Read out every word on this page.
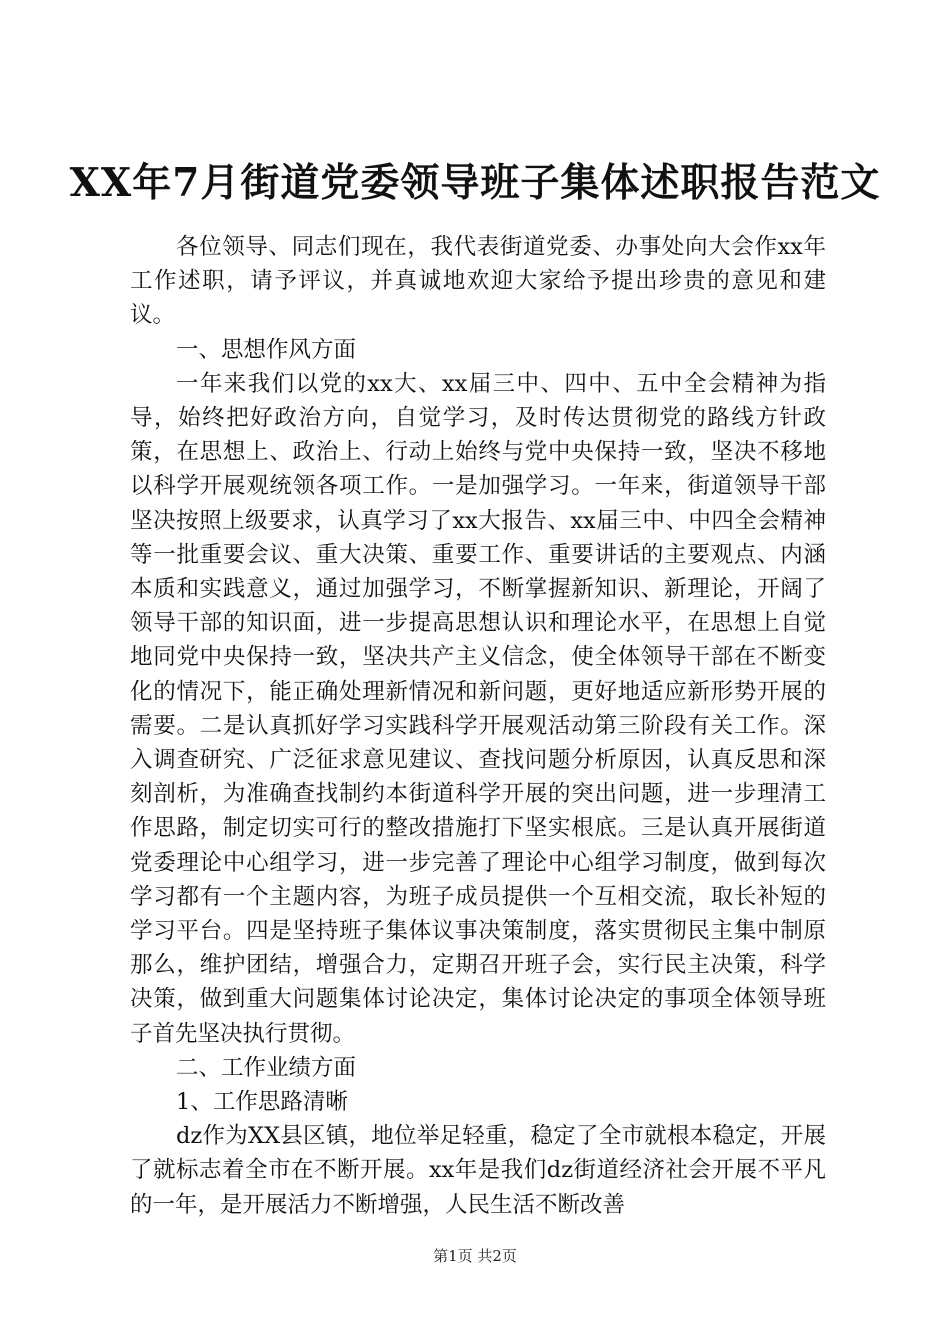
XX年7月街道党委领导班子集体述职报告范文

各位领导、同志们现在，我代表街道党委、办事处向大会作xx年工作述职，请予评议，并真诚地欢迎大家给予提出珍贵的意见和建议。

一、思想作风方面

一年来我们以党的xx大、xx届三中、四中、五中全会精神为指导，始终把好政治方向，自觉学习，及时传达贯彻党的路线方针政策，在思想上、政治上、行动上始终与党中央保持一致，坚决不移地以科学开展观统领各项工作。一是加强学习。一年来，街道领导干部坚决按照上级要求，认真学习了xx大报告、xx届三中、中四全会精神等一批重要会议、重大决策、重要工作、重要讲话的主要观点、内涵本质和实践意义，通过加强学习，不断掌握新知识、新理论，开阔了领导干部的知识面，进一步提高思想认识和理论水平，在思想上自觉地同党中央保持一致，坚决共产主义信念，使全体领导干部在不断变化的情况下，能正确处理新情况和新问题，更好地适应新形势开展的需要。二是认真抓好学习实践科学开展观活动第三阶段有关工作。深入调查研究、广泛征求意见建议、查找问题分析原因，认真反思和深刻剖析，为准确查找制约本街道科学开展的突出问题，进一步理清工作思路，制定切实可行的整改措施打下坚实根底。三是认真开展街道党委理论中心组学习，进一步完善了理论中心组学习制度，做到每次学习都有一个主题内容，为班子成员提供一个互相交流，取长补短的学习平台。四是坚持班子集体议事决策制度，落实贯彻民主集中制原那么，维护团结，增强合力，定期召开班子会，实行民主决策，科学决策，做到重大问题集体讨论决定，集体讨论决定的事项全体领导班子首先坚决执行贯彻。

二、工作业绩方面

1、工作思路清晰

dz作为XX县区镇，地位举足轻重，稳定了全市就根本稳定，开展了就标志着全市在不断开展。xx年是我们dz街道经济社会开展不平凡的一年，是开展活力不断增强，人民生活不断改善

第1页 共2页
